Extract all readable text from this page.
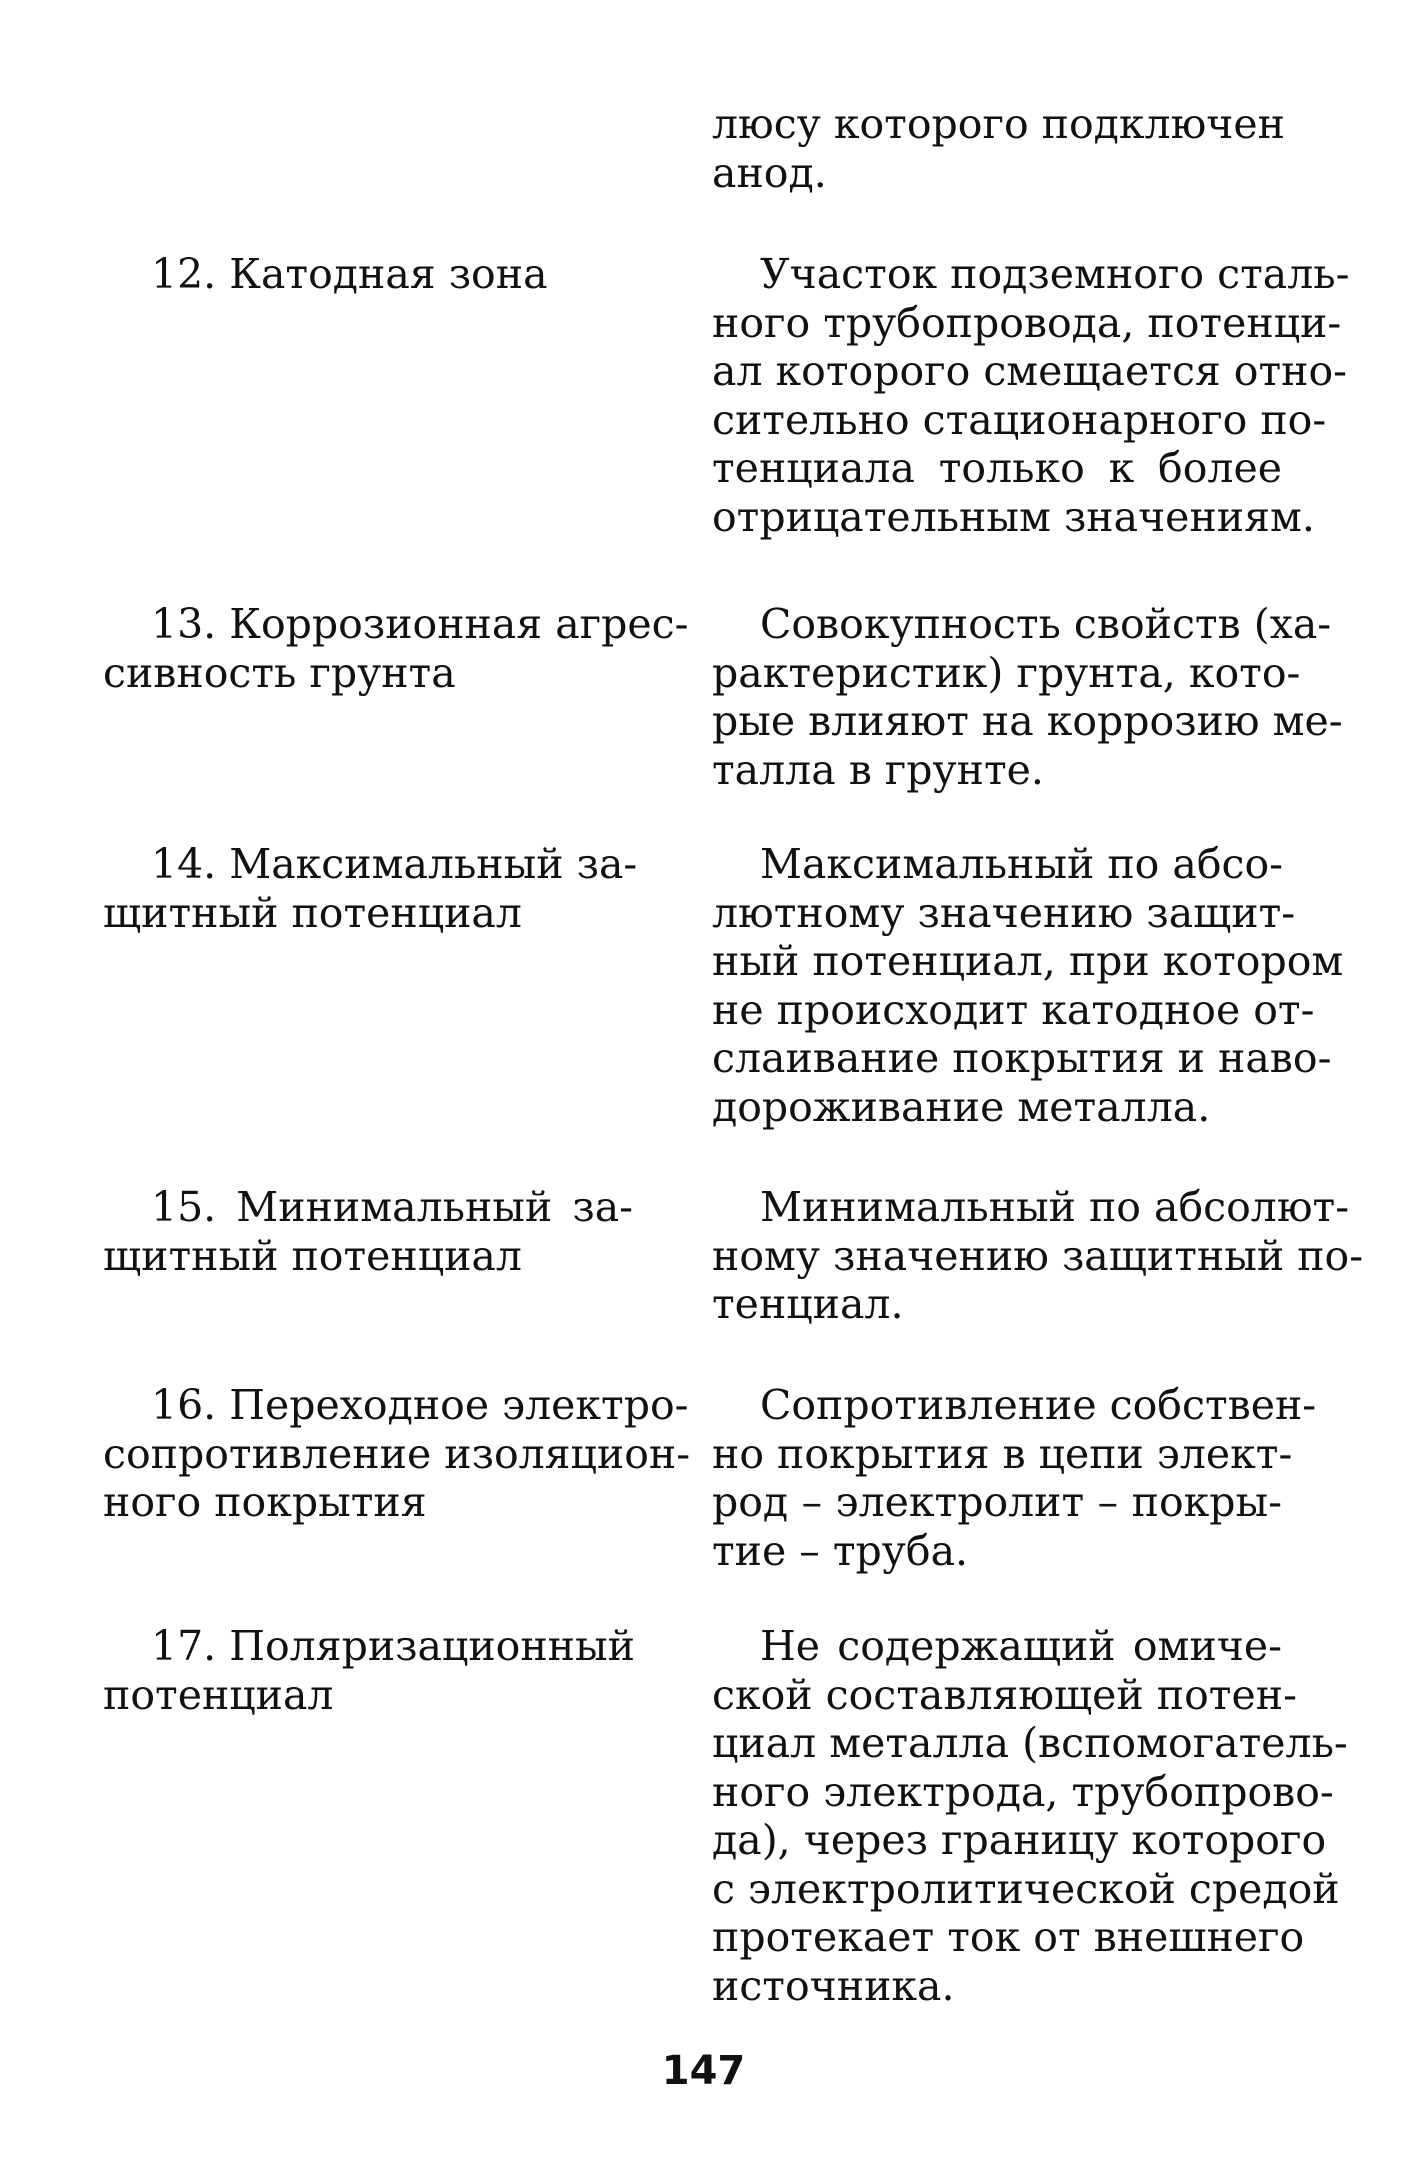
люсу которого подключен
анод.
12. Катодная зона	Участок подземного сталь-
ного трубопровода, потенци-
ал которого смещается отно-
сительно стационарного по-
тенциала только к более
отрицательным значениям.
13. Коррозионная агрес-
сивность грунта
Совокупность свойств (ха-
рактеристик) грунта, кото-
рые влияют на коррозию ме-
талла в грунте.
14. Максимальный за-
щитный потенциал
Максимальный по абсо-
лютному значению защит-
ный потенциал, при котором
не происходит катодное от-
слаивание покрытия и наво-
дороживание металла.
15. Минимальный за-
щитный потенциал
Минимальный по абсолют-
ному значению защитный по-
тенциал.
16. Переходное электро-
сопротивление изоляцион-
ного покрытия
Сопротивление собствен-
но покрытия в цепи элект-
род – электролит – покры-
тие – труба.
17. Поляризационный
потенциал
Не содержащий омиче-
ской составляющей потен-
циал металла (вспомогатель-
ного электрода, трубопрово-
да), через границу которого
с электролитической средой
протекает ток от внешнего
источника.
147
